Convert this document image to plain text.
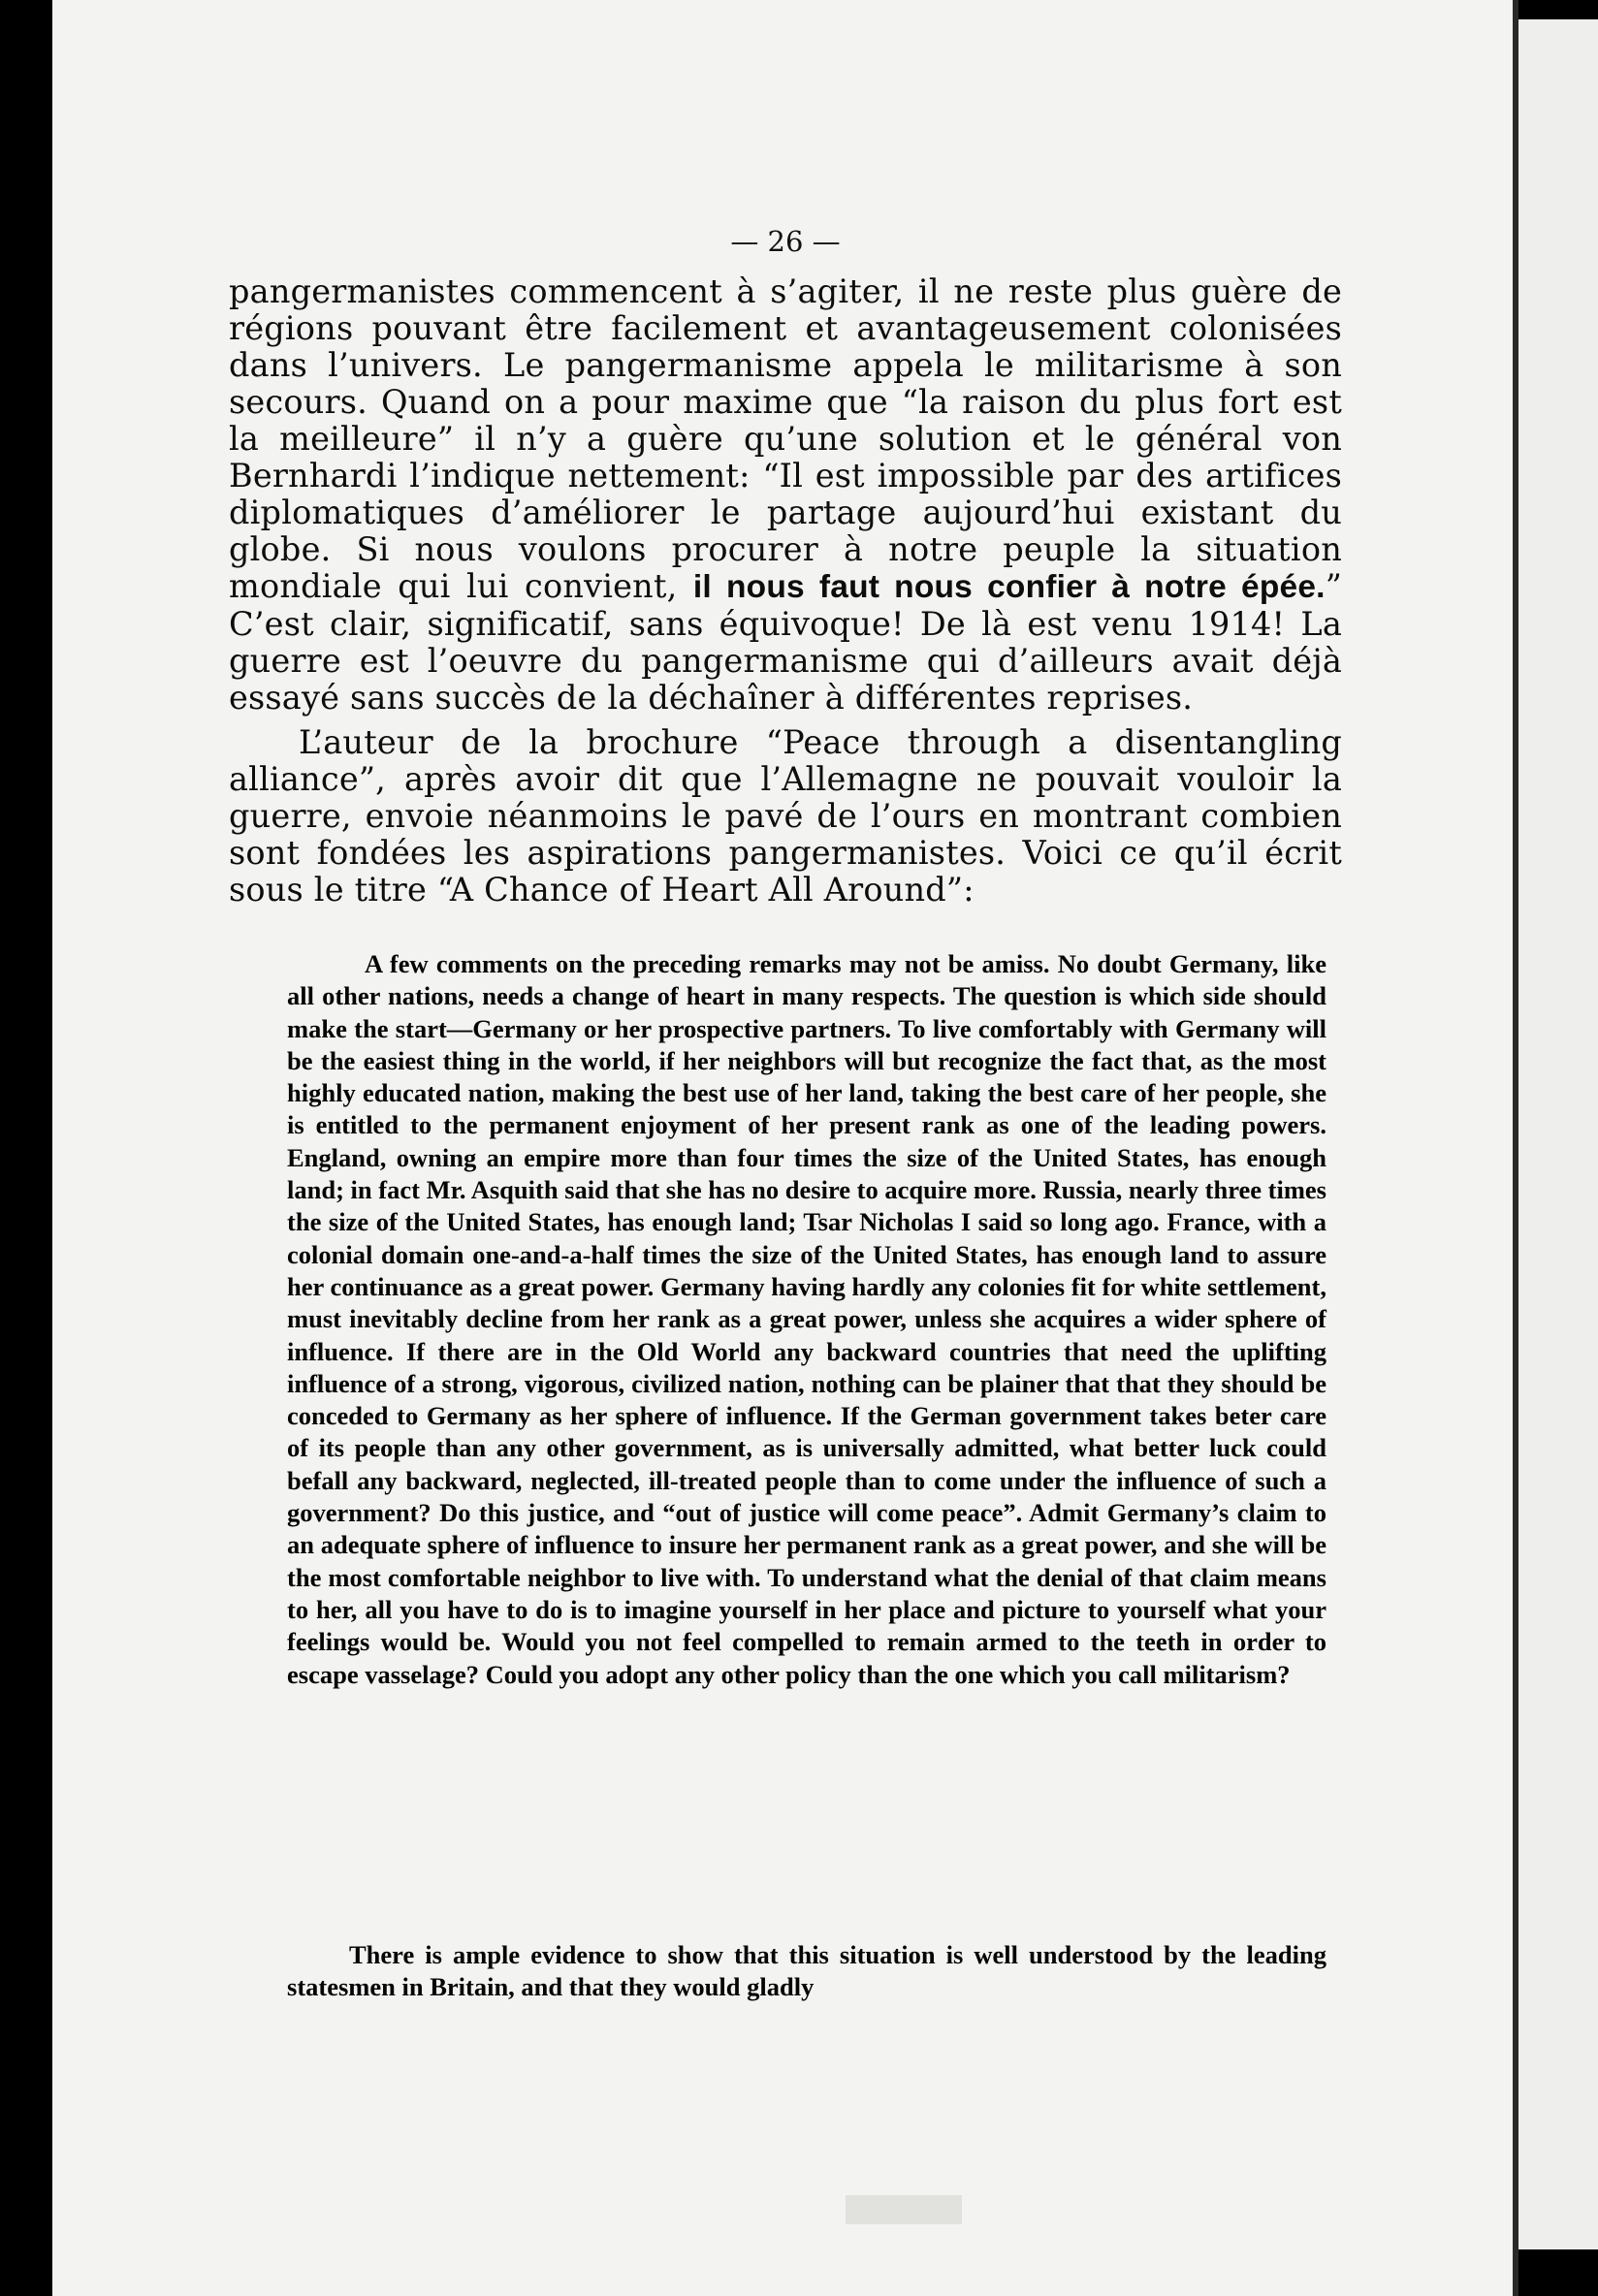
— 26 —

pangermanistes commencent à s’agiter, il ne reste plus guère de régions pouvant être facilement et avantageusement colonisées dans l’univers. Le pangermanisme appela le militarisme à son secours. Quand on a pour maxime que “la raison du plus fort est la meilleure” il n’y a guère qu’une solution et le général von Bernhardi l’indique nettement: “Il est impossible par des artifices diplomatiques d’améliorer le partage aujourd’hui existant du globe. Si nous voulons procurer à notre peuple la situation mondiale qui lui convient, il nous faut nous confier à notre épée.” C’est clair, significatif, sans équivoque! De là est venu 1914! La guerre est l’oeuvre du pangermanisme qui d’ailleurs avait déjà essayé sans succès de la déchaîner à différentes reprises.

L’auteur de la brochure “Peace through a disentangling alliance”, après avoir dit que l’Allemagne ne pouvait vouloir la guerre, envoie néanmoins le pavé de l’ours en montrant combien sont fondées les aspirations pangermanistes. Voici ce qu’il écrit sous le titre “A Chance of Heart All Around”:

A few comments on the preceding remarks may not be amiss. No doubt Germany, like all other nations, needs a change of heart in many respects. The question is which side should make the start—Germany or her prospective partners. To live comfortably with Germany will be the easiest thing in the world, if her neighbors will but recognize the fact that, as the most highly educated nation, making the best use of her land, taking the best care of her people, she is entitled to the permanent enjoyment of her present rank as one of the leading powers. England, owning an empire more than four times the size of the United States, has enough land; in fact Mr. Asquith said that she has no desire to acquire more. Russia, nearly three times the size of the United States, has enough land; Tsar Nicholas I said so long ago. France, with a colonial domain one-and-a-half times the size of the United States, has enough land to assure her continuance as a great power. Germany having hardly any colonies fit for white settlement, must inevitably decline from her rank as a great power, unless she acquires a wider sphere of influence. If there are in the Old World any backward countries that need the uplifting influence of a strong, vigorous, civilized nation, nothing can be plainer that that they should be conceded to Germany as her sphere of influence. If the German government takes beter care of its people than any other government, as is universally admitted, what better luck could befall any backward, neglected, ill-treated people than to come under the influence of such a government? Do this justice, and “out of justice will come peace”. Admit Germany’s claim to an adequate sphere of influence to insure her permanent rank as a great power, and she will be the most comfortable neighbor to live with. To understand what the denial of that claim means to her, all you have to do is to imagine yourself in her place and picture to yourself what your feelings would be. Would you not feel compelled to remain armed to the teeth in order to escape vasselage? Could you adopt any other policy than the one which you call militarism?

There is ample evidence to show that this situation is well understood by the leading statesmen in Britain, and that they would gladly
